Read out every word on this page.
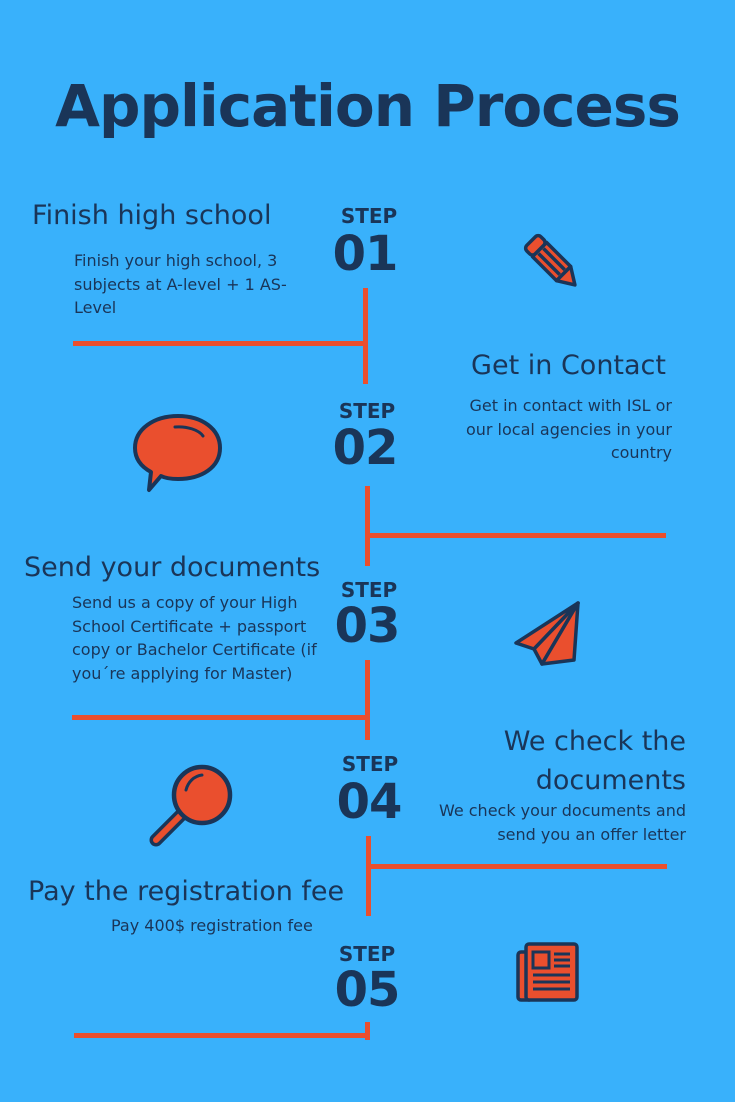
Application Process
Finish high school
Finish your high school, 3 subjects at A-level + 1 AS-Level
STEP
01
Get in Contact
Get in contact with ISL or our local agencies in your country
STEP
02
Send your documents
Send us a copy of your High School Certificate + passport copy or Bachelor Certificate (if you´re applying for Master)
STEP
03
We check the documents
We check your documents and send you an offer letter
STEP
04
Pay the registration fee
Pay 400$ registration fee
STEP
05
